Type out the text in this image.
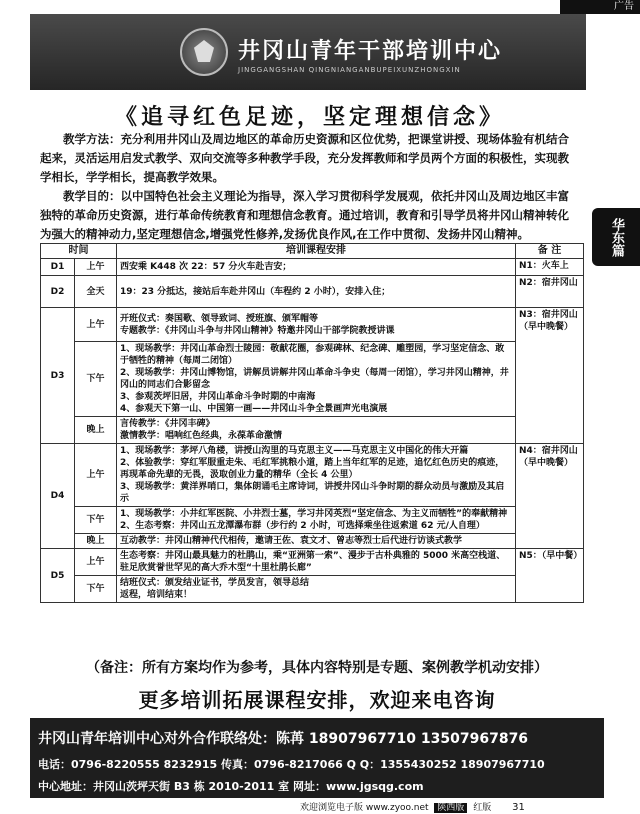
广告
井冈山青年干部培训中心
JINGGANGSHAN QINGNIANGANBUPEIXUNZHONGXIN
《追寻红色足迹，坚定理想信念》

教学方法：充分利用井冈山及周边地区的革命历史资源和区位优势，把课堂讲授、现场体验有机结合起来，灵活运用启发式教学、双向交流等多种教学手段，充分发挥教师和学员两个方面的积极性，实现教学相长，学学相长，提高教学效果。

教学目的：以中国特色社会主义理论为指导，深入学习贯彻科学发展观，依托井冈山及周边地区丰富独特的革命历史资源，进行革命传统教育和理想信念教育。通过培训，教育和引导学员将井冈山精神转化为强大的精神动力,坚定理想信念,增强党性修养,发扬优良作风,在工作中贯彻、发扬井冈山精神。	华东篇
时间		培训课程安排	备 注
D1	上午	西安乘 K448 次 22：57 分火车赴吉安；	N1：火车上
D2	全天	19：23 分抵达，接站后车赴井冈山（车程约 2 小时），安排入住；	N2：宿井冈山
D3	上午	开班仪式：奏国歌、领导致词、授班旗、颁军帽等
专题教学：《井冈山斗争与井冈山精神》特邀井冈山干部学院教授讲课	N3：宿井冈山（早中晚餐）
	下午	1、现场教学：井冈山革命烈士陵园：敬献花圈，参观碑林、纪念碑、雕塑园，学习坚定信念、敢于牺牲的精神（每周二闭馆）
2、现场教学：井冈山博物馆，讲解员讲解井冈山革命斗争史（每周一闭馆），学习井冈山精神，井冈山的同志们合影留念
3、参观茨坪旧居，井冈山革命斗争时期的中南海
4、参观天下第一山、中国第一画——井冈山斗争全景画声光电演展	

	晚上	言传教学：《井冈丰碑》
激情教学：唱响红色经典，永葆革命激情	

D4	上午	1、现场教学：茅坪八角楼，讲授山沟里的马克思主义——马克思主义中国化的伟大开篇
2、体验教学：穿红军服重走朱、毛红军挑粮小道，踏上当年红军的足迹，追忆红色历史的痕迹，再现革命先辈的无畏，汲取创业力量的精华（全长 4 公里）
3、现场教学：黄洋界哨口，集体朗诵毛主席诗词，讲授井冈山斗争时期的群众动员与激励及其启示	N4：宿井冈山（早中晚餐）
	下午	1、现场教学：小井红军医院、小井烈士墓，学习井冈英烈“坚定信念、为主义而牺牲”的奉献精神
2、生态考察：井冈山五龙潭瀑布群（步行约 2 小时，可选择乘坐往返索道 62 元/人自理）	

	晚上	互动教学：井冈山精神代代相传，邀请王佐、袁文才、曾志等烈士后代进行访谈式教学	

D5	上午	生态考察：井冈山最具魅力的杜鹃山，乘“亚洲第一索”、漫步于古朴典雅的 5000 米高空栈道、驻足欣赏誉世罕见的高大乔木型“十里杜鹃长廊”	N5：（早中餐）
	下午	结班仪式：颁发结业证书，学员发言，领导总结
返程，培训结束！	
（备注：所有方案均作为参考，具体内容特别是专题、案例教学机动安排）
更多培训拓展课程安排，欢迎来电咨询
井冈山青年培训中心对外合作联络处：陈苒 18907967710 13507967876
电话：0796-8220555 8232915 传真：0796-8217066 Q Q：1355430252 18907967710
中心地址：井冈山茨坪天街 B3 栋 2010-2011 室 网址：www.jgsqg.com
欢迎浏览电子版 www.zyoo.net 陕西版 红版 31
